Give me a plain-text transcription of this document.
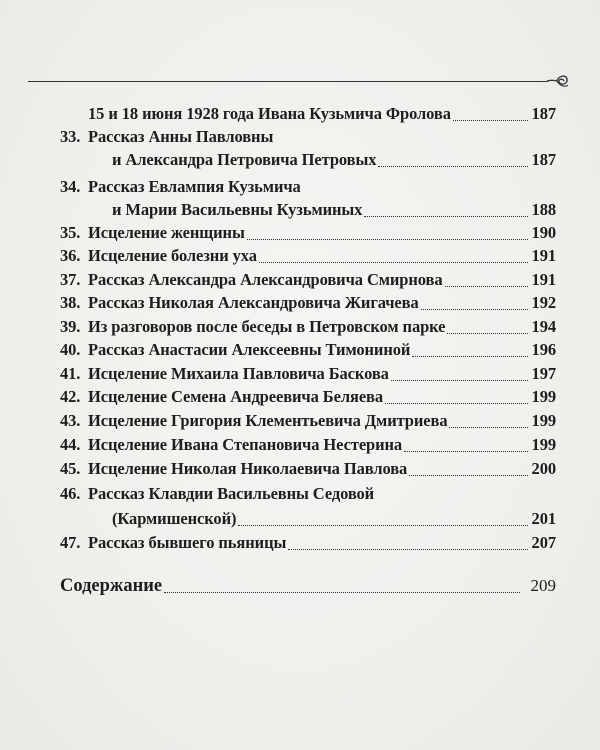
15 и 18 июня 1928 года Ивана Кузьмича Фролова	187
33. Рассказ Анны Павловны
и Александра Петровича Петровых	187
34. Рассказ Евлампия Кузьмича
и Марии Васильевны Кузьминых	188
35. Исцеление женщины	190
36. Исцеление болезни уха	191
37. Рассказ Александра Александровича Смирнова	191
38. Рассказ Николая Александровича Жигачева	192
39. Из разговоров после беседы в Петровском парке	194
40. Рассказ Анастасии Алексеевны Тимониной	196
41. Исцеление Михаила Павловича Баскова	197
42. Исцеление Семена Андреевича Беляева	199
43. Исцеление Григория Клементьевича Дмитриева	199
44. Исцеление Ивана Степановича Нестерина	199
45. Исцеление Николая Николаевича Павлова	200
46. Рассказ Клавдии Васильевны Седовой
(Кармишенской)	201
47. Рассказ бывшего пьяницы	207
Содержание	209
